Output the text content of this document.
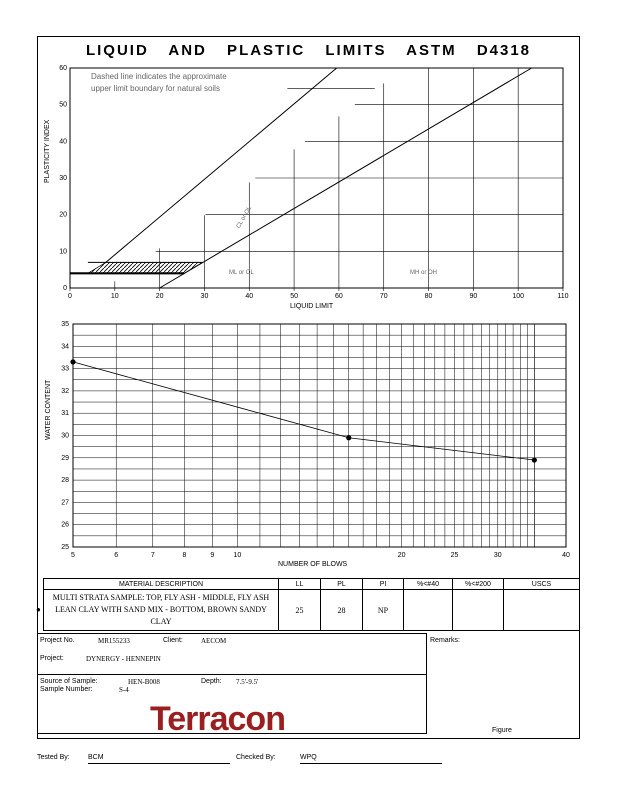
LIQUID AND PLASTIC LIMITS ASTM D4318
0	10	20	30	40	50	60	70	80	90	100	110
0
10
20
30
40
50
60
PLASTICITY INDEX
LIQUID LIMIT
Dashed line indicates the approximate
upper limit boundary for natural soils
ML or OL	MH or OH
CL or OL
5	6	7	8	9	10	20	25	30	40
25
26
27
28
29
30
31
32
33
34
35
WATER CONTENT
NUMBER OF BLOWS
MATERIAL DESCRIPTION	LL	PL	PI	%<#40	%<#200	USCS

●
MULTI STRATA SAMPLE: TOP, FLY ASH - MIDDLE, FLY ASH LEAN CLAY WITH SAND MIX - BOTTOM, BROWN SANDY CLAY	25	28	NP			
Project No.	MR155233	Client:	AECOM
Project:	DYNERGY - HENNEPIN
Source of Sample:	HEN-B008	Depth: 7.5'-9.5'
Sample Number:	S-4
Remarks:
Figure
Terracon
Tested By:	BCM	Checked By:	WPQ
